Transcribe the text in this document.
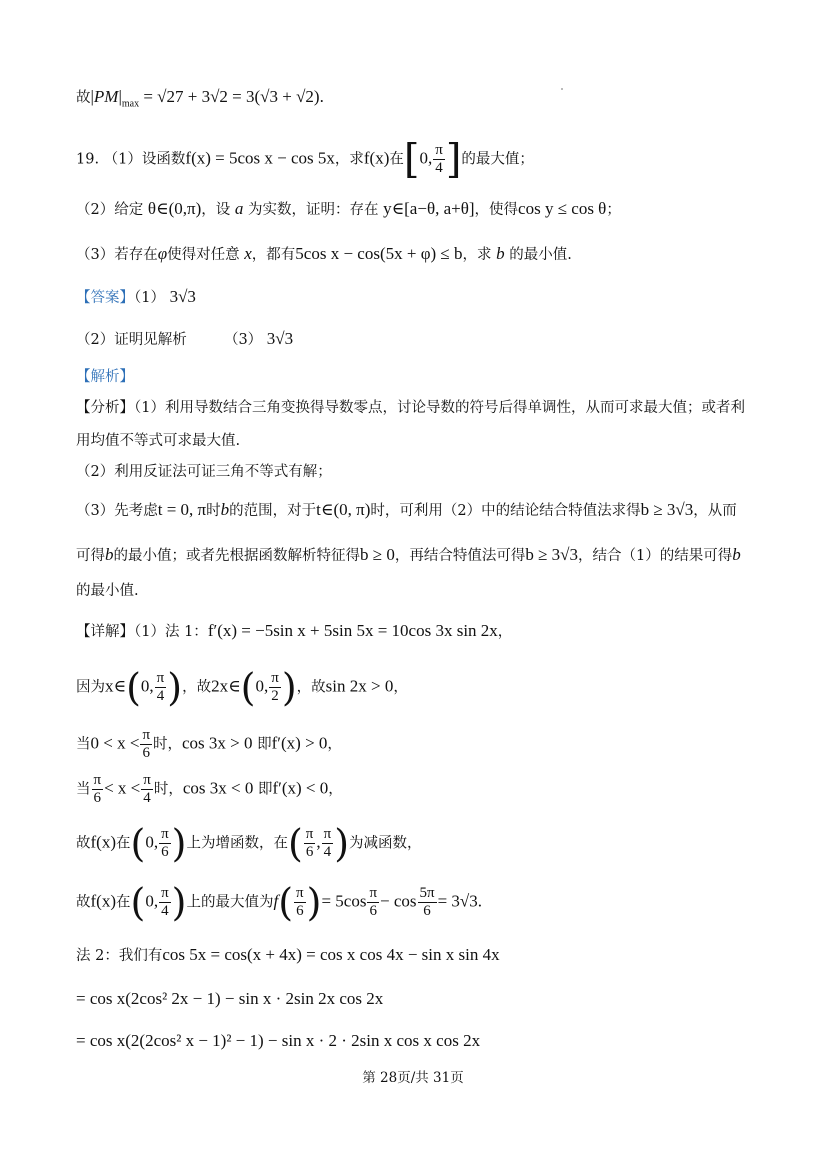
故$|PM|_{max} = √27 + 3√2 = 3(√3 + √2)$.
19. （1）设函数f(x) = 5cos x − cos 5x，求f(x)在[0, $\frac{\pi}{4}$ ]的最大值；
（2）给定 θ∈(0,π)，设 a 为实数，证明：存在 y∈[a−θ, a+θ]，使得cos y ≤ cos θ；
（3）若存在φ使得对任意 x，都有5cos x − cos(5x + φ) ≤ b，求 b 的最小值.
【答案】（1） 3√3
（2）证明见解析	（3） 3√3
【解析】
【分析】（1）利用导数结合三角变换得导数零点，讨论导数的符号后得单调性，从而可求最大值；或者利
用均值不等式可求最大值.
（2）利用反证法可证三角不等式有解；
（3）先考虑t = 0, π时b的范围，对于t∈(0, π)时，可利用（2）中的结论结合特值法求得b ≥ 3√3，从而
可得b的最小值；或者先根据函数解析特征得b ≥ 0，再结合特值法可得b ≥ 3√3，结合（1）的结果可得b
的最小值.
【详解】（1）法 1：f′(x) = −5sin x + 5sin 5x = 10cos 3x sin 2x，
因为x∈(0, $\frac{\pi}{4}$ )，故2x∈(0, $\frac{\pi}{2}$ )，故sin 2x > 0，
当$0 < x < \frac{\pi}{6}$ 时，cos 3x > 0 即f′(x) > 0，
当 $\frac{\pi}{6} < x < \frac{\pi}{4}$ 时，cos 3x < 0 即f′(x) < 0，
故f(x)在(0, $\frac{\pi}{6}$ )上为增函数，在( $\frac{\pi}{6}$ , $\frac{\pi}{4}$ )为减函数，
故f(x)在(0, $\frac{\pi}{4}$ )上的最大值为$f( \frac{\pi}{6}$ )= $5\cos \frac{\pi}{6} - \cos \frac{5\pi}{6} = 3√3$.
法 2：我们有cos 5x = cos(x + 4x) = cos x cos 4x − sin x sin 4x
= cos x(2cos² 2x − 1) − sin x · 2sin 2x cos 2x
= cos x(2(2cos² x − 1)² − 1) − sin x · 2 · 2sin x cos x cos 2x
第 28页/共 31页
